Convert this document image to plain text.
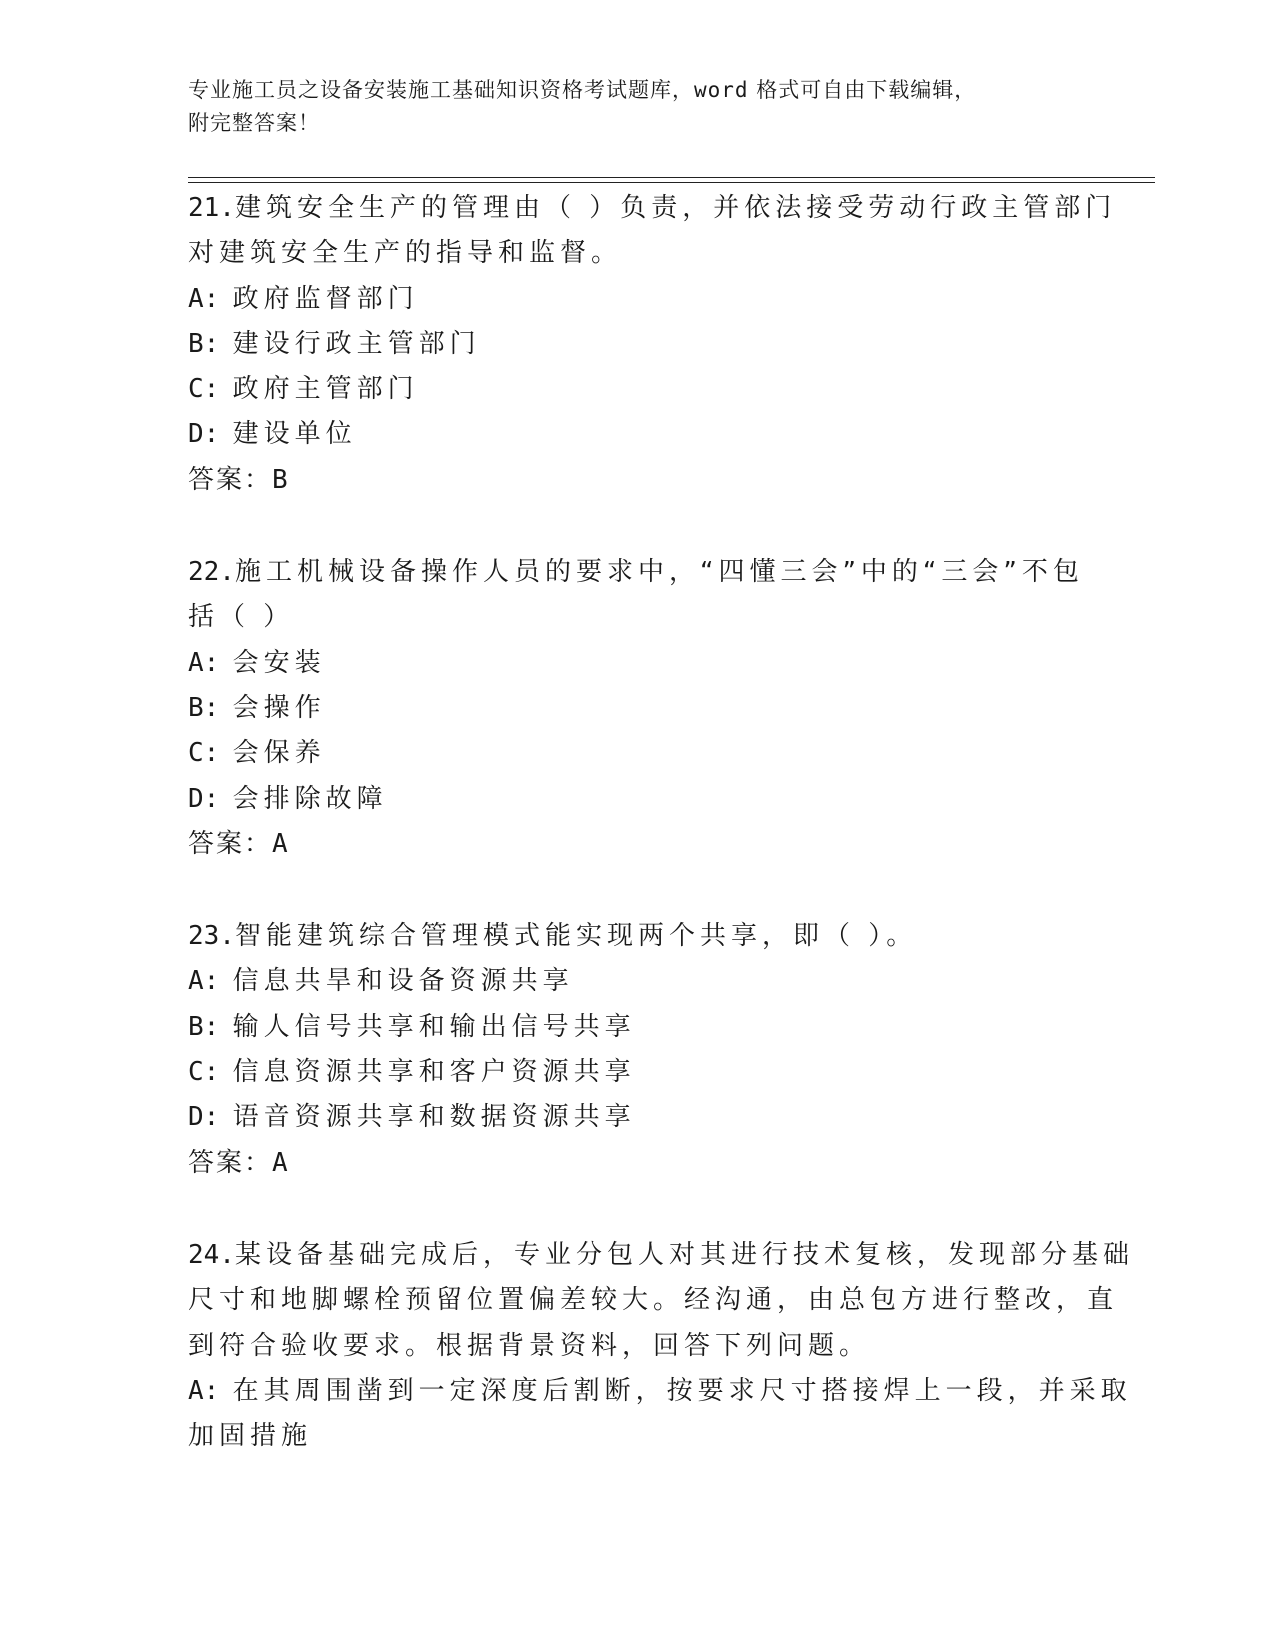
专业施工员之设备安装施工基础知识资格考试题库，word 格式可自由下载编辑，
附完整答案！
21.建筑安全生产的管理由（ ）负责，并依法接受劳动行政主管部门
对建筑安全生产的指导和监督。
A: 政府监督部门
B: 建设行政主管部门
C: 政府主管部门
D: 建设单位
答案：B
22.施工机械设备操作人员的要求中，“四懂三会”中的“三会”不包
括（ ）
A: 会安装
B: 会操作
C: 会保养
D: 会排除故障
答案：A
23.智能建筑综合管理模式能实现两个共享，即（ ）。
A: 信息共旱和设备资源共享
B: 输人信号共享和输出信号共享
C: 信息资源共享和客户资源共享
D: 语音资源共享和数据资源共享
答案：A
24.某设备基础完成后，专业分包人对其进行技术复核，发现部分基础
尺寸和地脚螺栓预留位置偏差较大。经沟通，由总包方进行整改，直
到符合验收要求。根据背景资料，回答下列问题。
A: 在其周围凿到一定深度后割断，按要求尺寸搭接焊上一段，并采取
加固措施
